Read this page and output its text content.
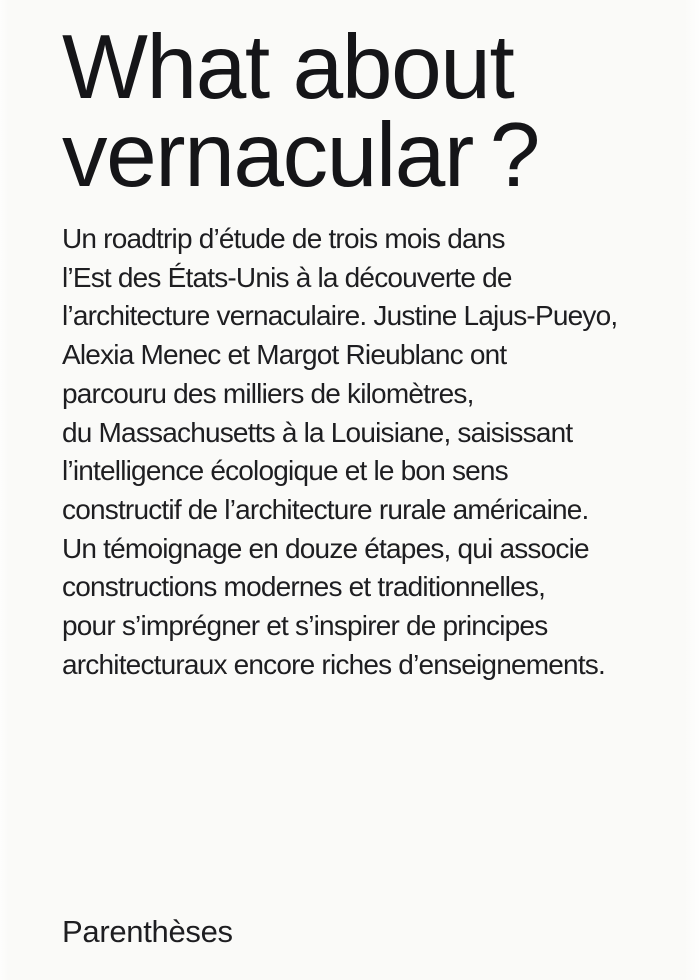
What about
vernacular ?

Un roadtrip d’étude de trois mois dans
l’Est des États-Unis à la découverte de
l’architecture vernaculaire. Justine Lajus-Pueyo,
Alexia Menec et Margot Rieublanc ont
parcouru des milliers de kilomètres,
du Massachusetts à la Louisiane, saisissant
l’intelligence écologique et le bon sens
constructif de l’architecture rurale américaine.
Un témoignage en douze étapes, qui associe
constructions modernes et traditionnelles,
pour s’imprégner et s’inspirer de principes
architecturaux encore riches d’enseignements.

Parenthèses
